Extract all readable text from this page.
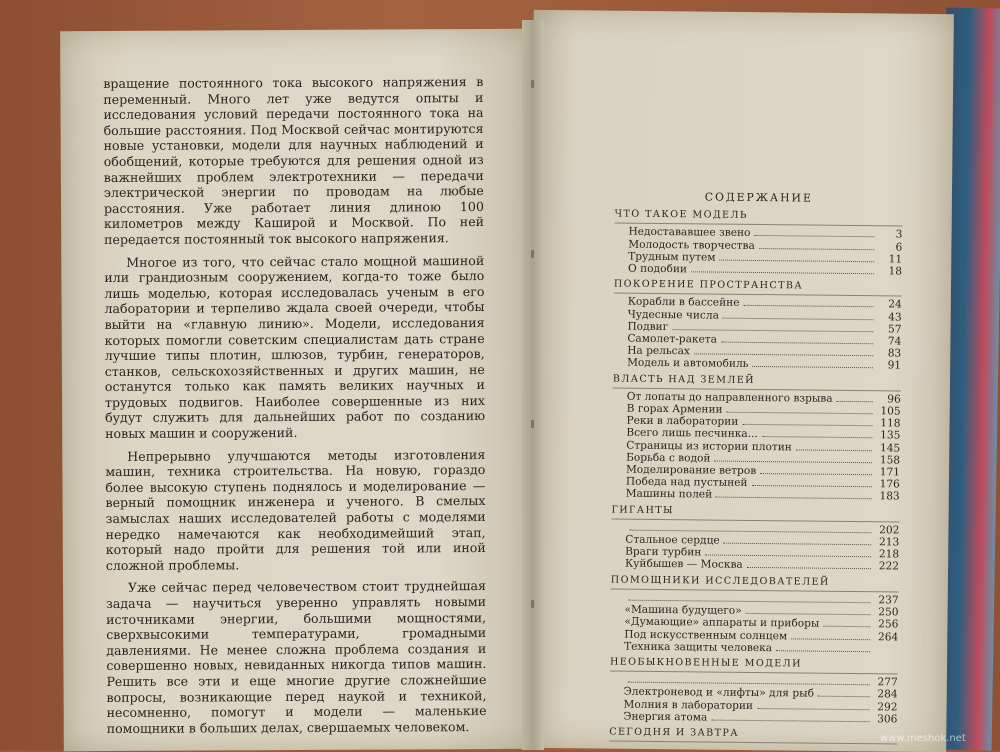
вращение постоянного тока высокого напряжения в переменный. Много лет уже ведутся опыты и исследования условий передачи постоянного тока на большие расстояния. Под Москвой сейчас монтируются новые установки, модели для научных наблюдений и обобщений, которые требуются для решения одной из важнейших проблем электротехники — передачи электрической энергии по проводам на любые расстояния. Уже работает линия длиною 100 километров между Каширой и Москвой. По ней передается постоянный ток высокого напряжения.

Многое из того, что сейчас стало мощной машиной или грандиозным сооружением, когда-то тоже было лишь моделью, которая исследовалась ученым в его лаборатории и терпеливо ждала своей очереди, чтобы выйти на «главную линию». Модели, исследования которых помогли советским специалистам дать стране лучшие типы плотин, шлюзов, турбин, генераторов, станков, сельскохозяйственных и других машин, не останутся только как память великих научных и трудовых подвигов. Наиболее совершенные из них будут служить для дальнейших работ по созданию новых машин и сооружений.

Непрерывно улучшаются методы изготовления машин, техника строительства. На новую, гораздо более высокую ступень поднялось и моделирование — верный помощник инженера и ученого. В смелых замыслах наших исследователей работы с моделями нередко намечаются как необходимейший этап, который надо пройти для решения той или иной сложной проблемы.

Уже сейчас перед человечеством стоит труднейшая задача — научиться уверенно управлять новыми источниками энергии, большими мощностями, сверхвысокими температурами, громадными давлениями. Не менее сложна проблема создания и совершенно новых, невиданных никогда типов машин. Решить все эти и еще многие другие сложнейшие вопросы, возникающие перед наукой и техникой, несомненно, помогут и модели — маленькие помощники в больших делах, свершаемых человеком.

СОДЕРЖАНИЕ
ЧТО ТАКОЕ МОДЕЛЬ
Недостававшее звено	3
Молодость творчества	6
Трудным путем	11
О подобии	18
ПОКОРЕНИЕ ПРОСТРАНСТВА
Корабли в бассейне	24
Чудесные числа	43
Подвиг	57
Самолет-ракета	74
На рельсах	83
Модель и автомобиль	91
ВЛАСТЬ НАД ЗЕМЛЕЙ
От лопаты до направленного взрыва	96
В горах Армении	105
Реки в лаборатории	118
Всего лишь песчинка...	135
Страницы из истории плотин	145
Борьба с водой	158
Моделирование ветров	171
Победа над пустыней	176
Машины полей	183
ГИГАНТЫ
202
Стальное сердце	213
Враги турбин	218
Куйбышев — Москва	222
ПОМОЩНИКИ ИССЛЕДОВАТЕЛЕЙ
237
«Машина будущего»	250
«Думающие» аппараты и приборы	256
Под искусственным солнцем	264
Техника защиты человека
НЕОБЫКНОВЕННЫЕ МОДЕЛИ
277
Электроневод и «лифты» для рыб	284
Молния в лаборатории	292
Энергия атома	306
СЕГОДНЯ И ЗАВТРА	www.meshok.net
